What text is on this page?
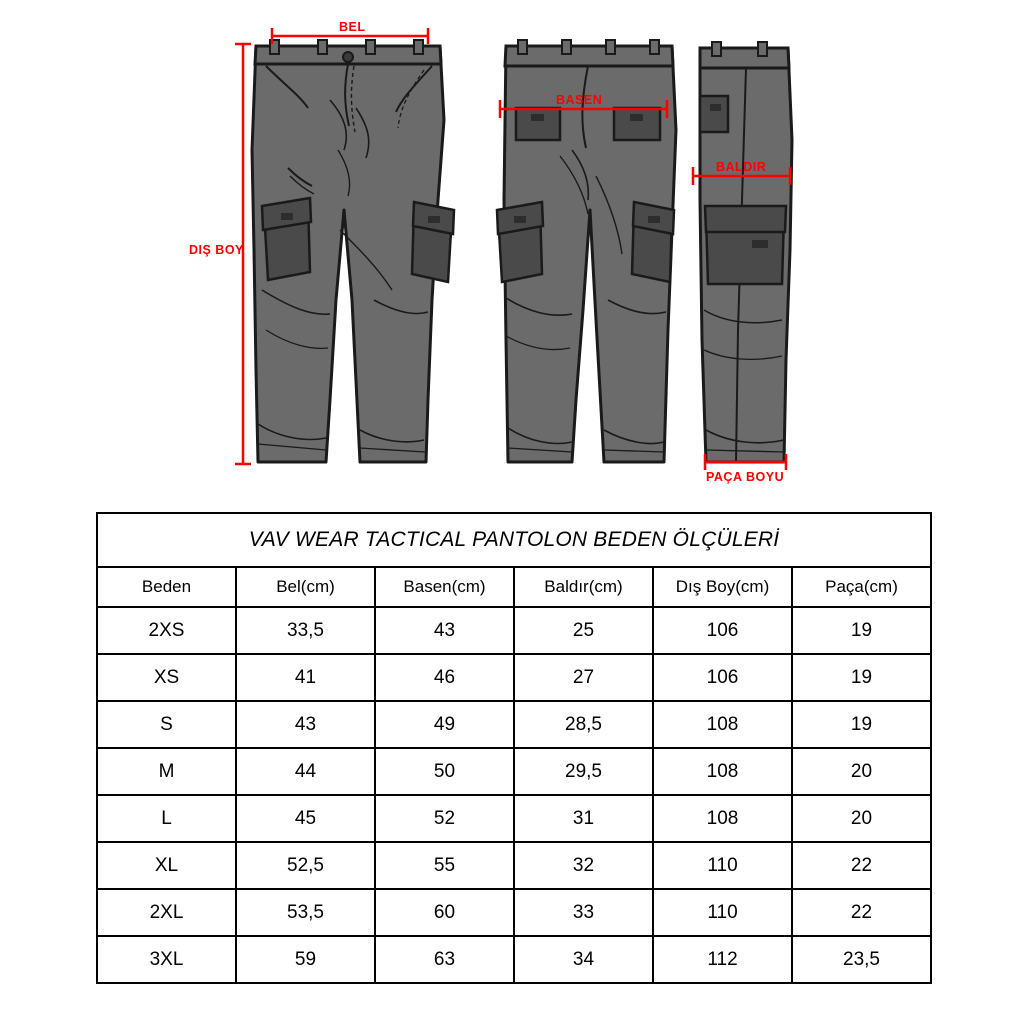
BEL
BASEN
BALDIR
DIŞ BOY
PAÇA BOYU
VAV WEAR TACTICAL PANTOLON BEDEN ÖLÇÜLERİ					
Beden	Bel(cm)	Basen(cm)	Baldır(cm)	Dış Boy(cm)	Paça(cm)
2XS	33,5	43	25	106	19
XS	41	46	27	106	19
S	43	49	28,5	108	19
M	44	50	29,5	108	20
L	45	52	31	108	20
XL	52,5	55	32	110	22
2XL	53,5	60	33	110	22
3XL	59	63	34	112	23,5
